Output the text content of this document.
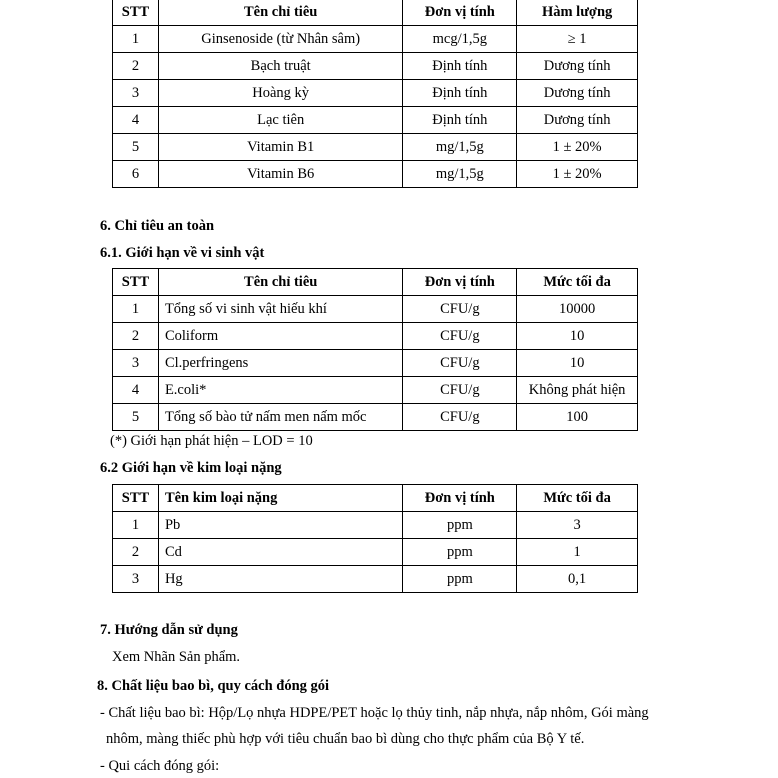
STT	Tên chỉ tiêu	Đơn vị tính	Hàm lượng
1	Ginsenoside (từ Nhân sâm)	mcg/1,5g	≥ 1
2	Bạch truật	Định tính	Dương tính
3	Hoàng kỳ	Định tính	Dương tính
4	Lạc tiên	Định tính	Dương tính
5	Vitamin B1	mg/1,5g	1 ± 20%
6	Vitamin B6	mg/1,5g	1 ± 20%
6. Chỉ tiêu an toàn
6.1. Giới hạn về vi sinh vật
STT	Tên chỉ tiêu	Đơn vị tính	Mức tối đa
1	Tổng số vi sinh vật hiếu khí	CFU/g	10000
2	Coliform	CFU/g	10
3	Cl.perfringens	CFU/g	10
4	E.coli*	CFU/g	Không phát hiện
5	Tổng số bào tử nấm men nấm mốc	CFU/g	100
(*) Giới hạn phát hiện – LOD = 10
6.2 Giới hạn về kim loại nặng
STT	Tên kim loại nặng	Đơn vị tính	Mức tối đa
1	Pb	ppm	3
2	Cd	ppm	1
3	Hg	ppm	0,1
7. Hướng dẫn sử dụng
Xem Nhãn Sản phẩm.
8. Chất liệu bao bì, quy cách đóng gói
- Chất liệu bao bì: Hộp/Lọ nhựa HDPE/PET hoặc lọ thủy tinh, nắp nhựa, nắp nhôm, Gói màng
nhôm, màng thiếc phù hợp với tiêu chuẩn bao bì dùng cho thực phẩm của Bộ Y tế.
- Qui cách đóng gói:
